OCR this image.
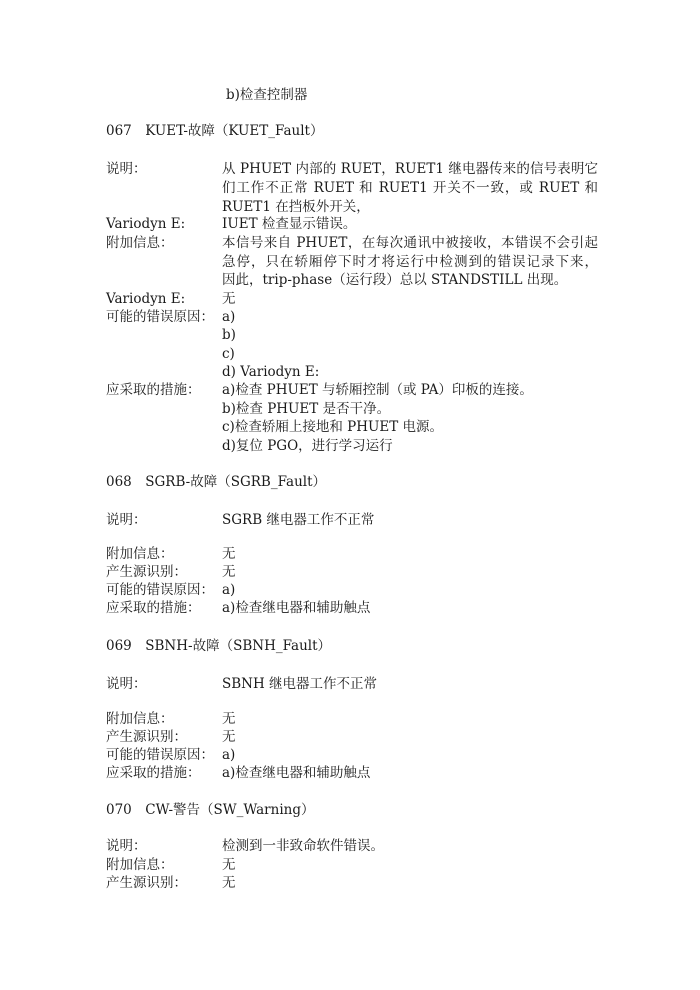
b)检查控制器
067　KUET-故障（KUET_Fault）
说明：	从 PHUET 内部的 RUET，RUET1 继电器传来的信号表明它
们工作不正常 RUET 和 RUET1 开关不一致，或 RUET 和
RUET1 在挡板外开关，
Variodyn E:	IUET 检查显示错误。
附加信息：	本信号来自 PHUET，在每次通讯中被接收，本错误不会引起
急停，只在轿厢停下时才将运行中检测到的错误记录下来，
因此，trip-phase（运行段）总以 STANDSTILL 出现。
Variodyn E:	无
可能的错误原因： a)
b)
c)
d) Variodyn E:
应采取的措施： a)检查 PHUET 与轿厢控制（或 PA）印板的连接。
b)检查 PHUET 是否干净。
c)检查轿厢上接地和 PHUET 电源。
d)复位 PGO，进行学习运行
068　SGRB-故障（SGRB_Fault）
说明：	SGRB 继电器工作不正常
附加信息：	无
产生源识别：	无
可能的错误原因： a)
应采取的措施： a)检查继电器和辅助触点
069　SBNH-故障（SBNH_Fault）
说明：	SBNH 继电器工作不正常
附加信息：	无
产生源识别：	无
可能的错误原因： a)
应采取的措施： a)检查继电器和辅助触点
070　CW-警告（SW_Warning）
说明：	检测到一非致命软件错误。
附加信息：	无
产生源识别：	无
